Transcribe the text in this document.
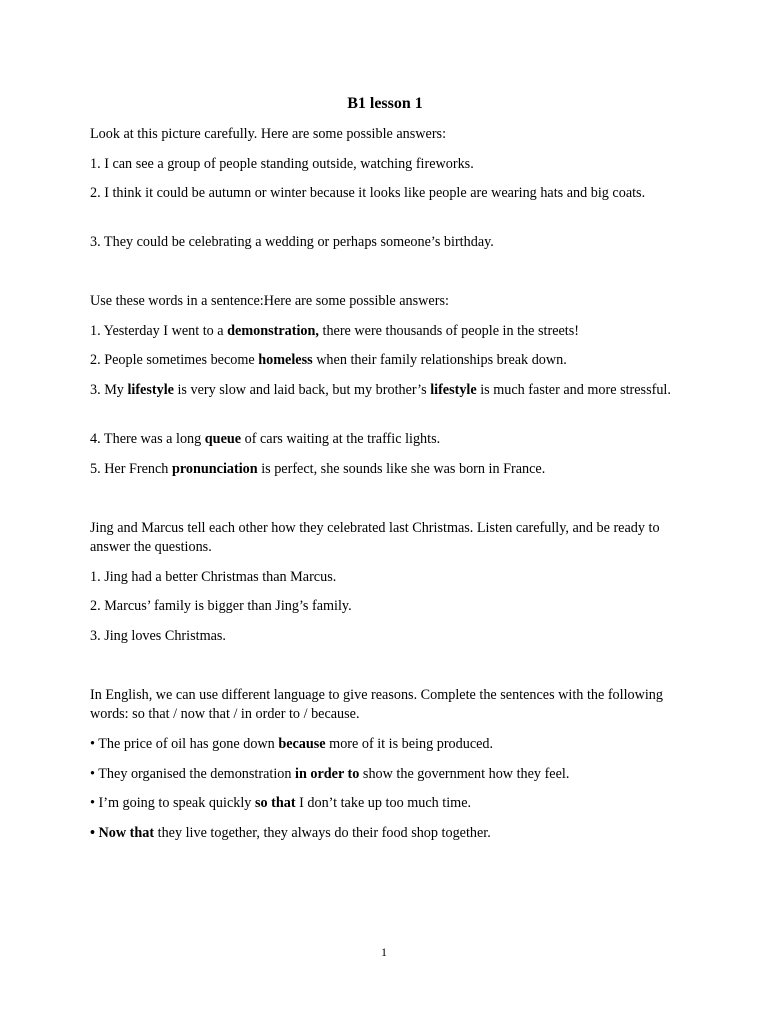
B1 lesson 1
Look at this picture carefully. Here are some possible answers:
1. I can see a group of people standing outside, watching fireworks.
2. I think it could be autumn or winter because it looks like people are wearing hats and big coats.
3. They could be celebrating a wedding or perhaps someone’s birthday.
Use these words in a sentence:Here are some possible answers:
1. Yesterday I went to a demonstration, there were thousands of people in the streets!
2. People sometimes become homeless when their family relationships break down.
3. My lifestyle is very slow and laid back, but my brother’s lifestyle is much faster and more stressful.
4. There was a long queue of cars waiting at the traffic lights.
5. Her French pronunciation is perfect, she sounds like she was born in France.
Jing and Marcus tell each other how they celebrated last Christmas. Listen carefully, and be ready to answer the questions.
1. Jing had a better Christmas than Marcus.
2. Marcus’ family is bigger than Jing’s family.
3. Jing loves Christmas.
In English, we can use different language to give reasons. Complete the sentences with the following words: so that / now that / in order to / because.
• The price of oil has gone down because more of it is being produced.
• They organised the demonstration in order to show the government how they feel.
• I’m going to speak quickly so that I don’t take up too much time.
• Now that they live together, they always do their food shop together.
1
